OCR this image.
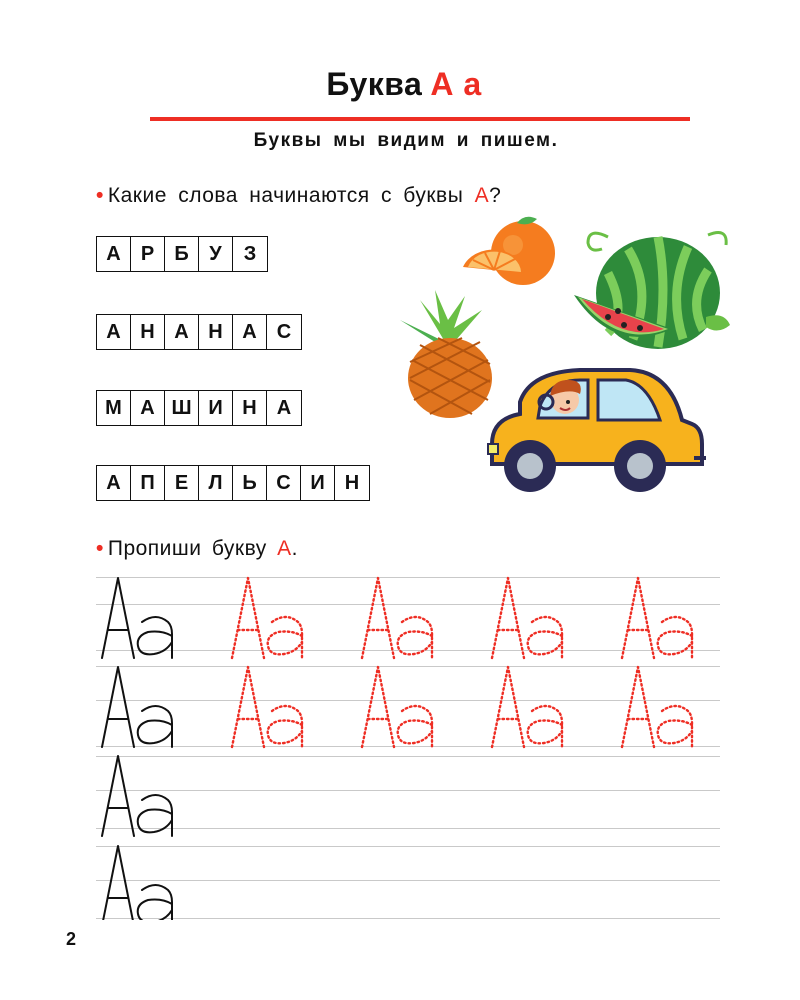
Буква А а
Буквы мы видим и пишем.
• Какие слова начинаются с буквы А?
А	Р	Б	У	З
А Н А Н А	С
М А Ш И Н	А
А П	Е	Л Ь С И	Н
• Пропиши букву А.
2
